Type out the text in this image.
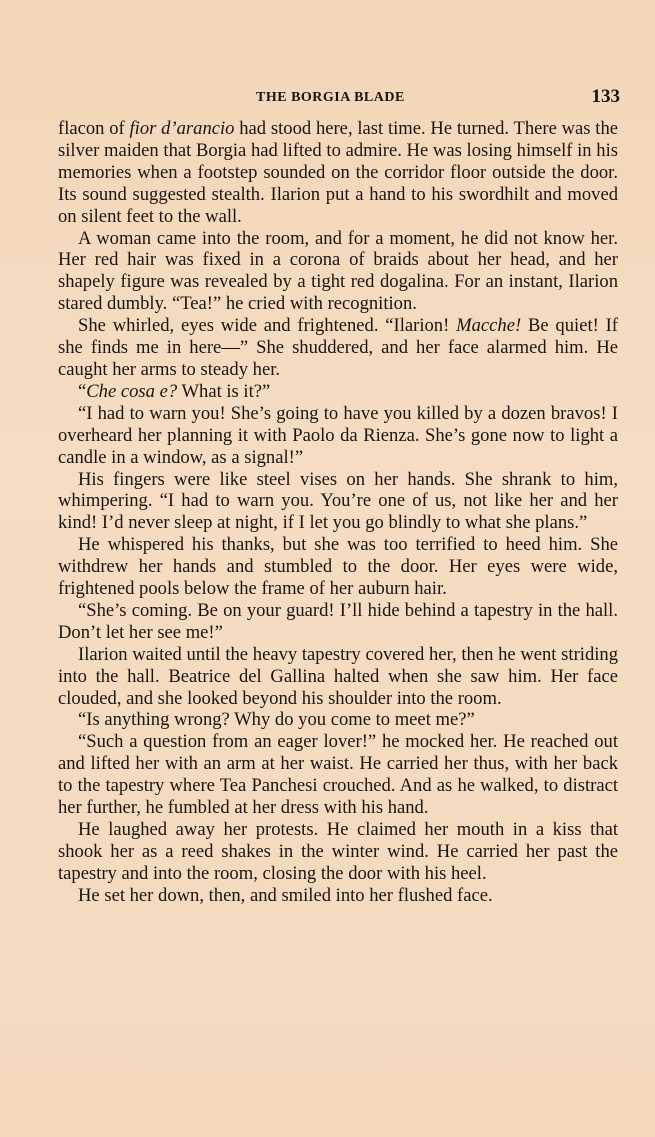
THE BORGIA BLADE	133

flacon of fior d’arancio had stood here, last time. He turned. There was the silver maiden that Borgia had lifted to admire. He was losing himself in his memories when a footstep sounded on the corridor floor outside the door. Its sound suggested stealth. Ilarion put a hand to his swordhilt and moved on silent feet to the wall.

A woman came into the room, and for a moment, he did not know her. Her red hair was fixed in a corona of braids about her head, and her shapely figure was revealed by a tight red dogalina. For an instant, Ilarion stared dumbly. “Tea!” he cried with recognition.

She whirled, eyes wide and frightened. “Ilarion! Macche! Be quiet! If she finds me in here—” She shuddered, and her face alarmed him. He caught her arms to steady her.

“Che cosa e? What is it?”

“I had to warn you! She’s going to have you killed by a dozen bravos! I overheard her planning it with Paolo da Rienza. She’s gone now to light a candle in a window, as a signal!”

His fingers were like steel vises on her hands. She shrank to him, whimpering. “I had to warn you. You’re one of us, not like her and her kind! I’d never sleep at night, if I let you go blindly to what she plans.”

He whispered his thanks, but she was too terrified to heed him. She withdrew her hands and stumbled to the door. Her eyes were wide, frightened pools below the frame of her auburn hair.

“She’s coming. Be on your guard! I’ll hide behind a tapestry in the hall. Don’t let her see me!”

Ilarion waited until the heavy tapestry covered her, then he went striding into the hall. Beatrice del Gallina halted when she saw him. Her face clouded, and she looked beyond his shoulder into the room.

“Is anything wrong? Why do you come to meet me?”

“Such a question from an eager lover!” he mocked her. He reached out and lifted her with an arm at her waist. He carried her thus, with her back to the tapestry where Tea Panchesi crouched. And as he walked, to distract her further, he fumbled at her dress with his hand.

He laughed away her protests. He claimed her mouth in a kiss that shook her as a reed shakes in the winter wind. He carried her past the tapestry and into the room, closing the door with his heel.

He set her down, then, and smiled into her flushed face.
